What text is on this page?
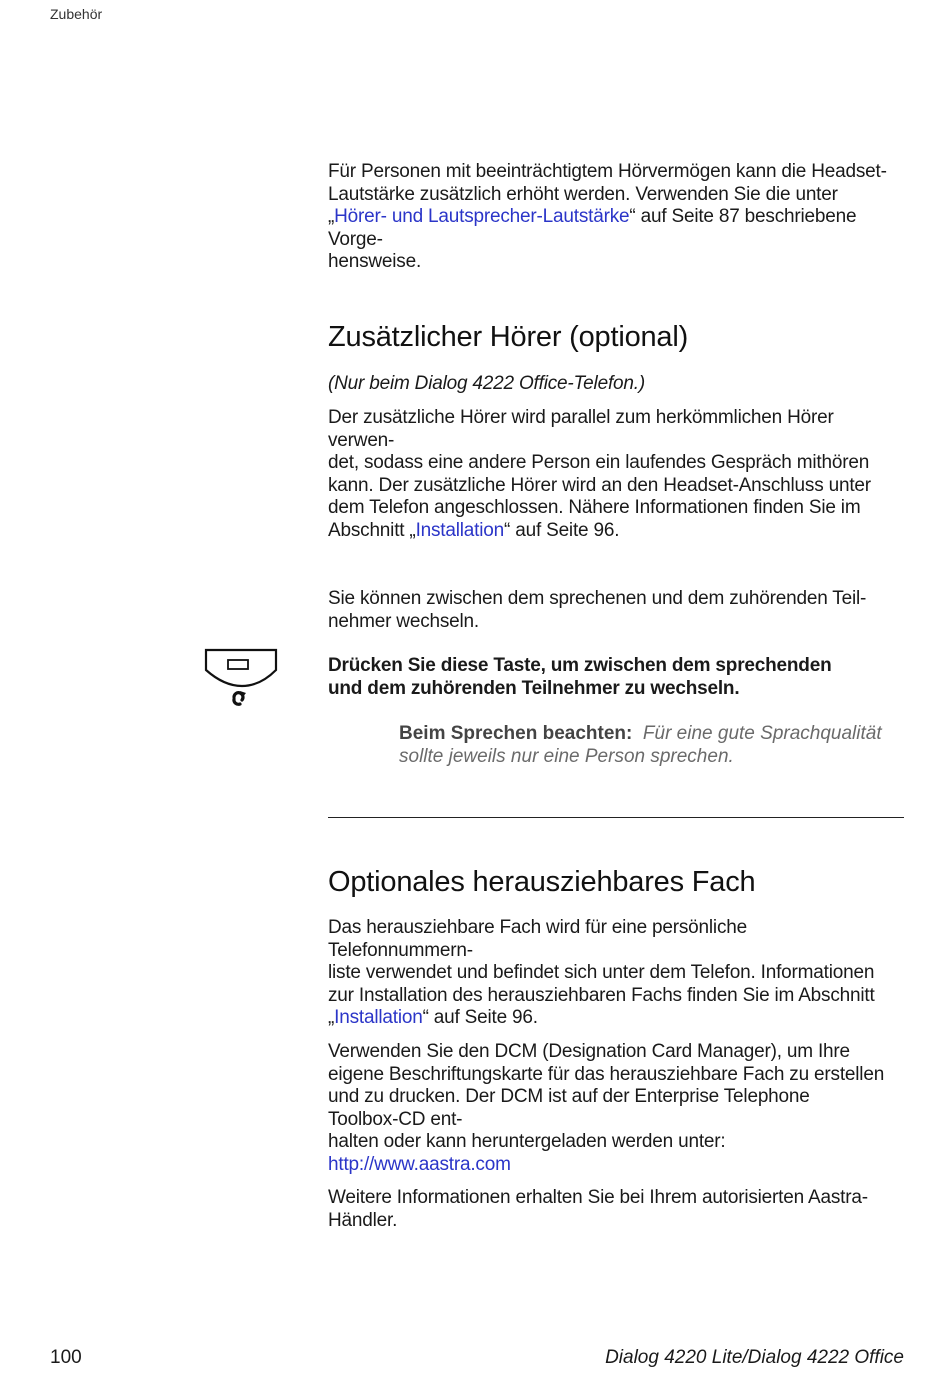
Zubehör

Für Personen mit beeinträchtigtem Hörvermögen kann die Headset-
Lautstärke zusätzlich erhöht werden. Verwenden Sie die unter
„Hörer- und Lautsprecher-Lautstärke“ auf Seite 87 beschriebene
Vorge-
hensweise.

Zusätzlicher Hörer (optional)

(Nur beim Dialog 4222 Office-Telefon.)

Der zusätzliche Hörer wird parallel zum herkömmlichen Hörer
verwen-
det, sodass eine andere Person ein laufendes Gespräch mithören
kann. Der zusätzliche Hörer wird an den Headset-Anschluss unter
dem Telefon angeschlossen. Nähere Informationen finden Sie im
Abschnitt „Installation“ auf Seite 96.

Sie können zwischen dem sprechenen und dem zuhörenden Teil-
nehmer wechseln.

Drücken Sie diese Taste, um zwischen dem sprechenden
und dem zuhörenden Teilnehmer zu wechseln.

Beim Sprechen beachten: Für eine gute Sprachqualität
sollte jeweils nur eine Person sprechen.
Optionales herausziehbares Fach

Das herausziehbare Fach wird für eine persönliche
Telefonnummern-
liste verwendet und befindet sich unter dem Telefon. Informationen
zur Installation des herausziehbaren Fachs finden Sie im Abschnitt
„Installation“ auf Seite 96.

Verwenden Sie den DCM (Designation Card Manager), um Ihre
eigene Beschriftungskarte für das herausziehbare Fach zu erstellen
und zu drucken. Der DCM ist auf der Enterprise Telephone
Toolbox-CD ent-
halten oder kann heruntergeladen werden unter:
http://www.aastra.com

Weitere Informationen erhalten Sie bei Ihrem autorisierten Aastra-
Händler.

100	Dialog 4220 Lite/Dialog 4222 Office
